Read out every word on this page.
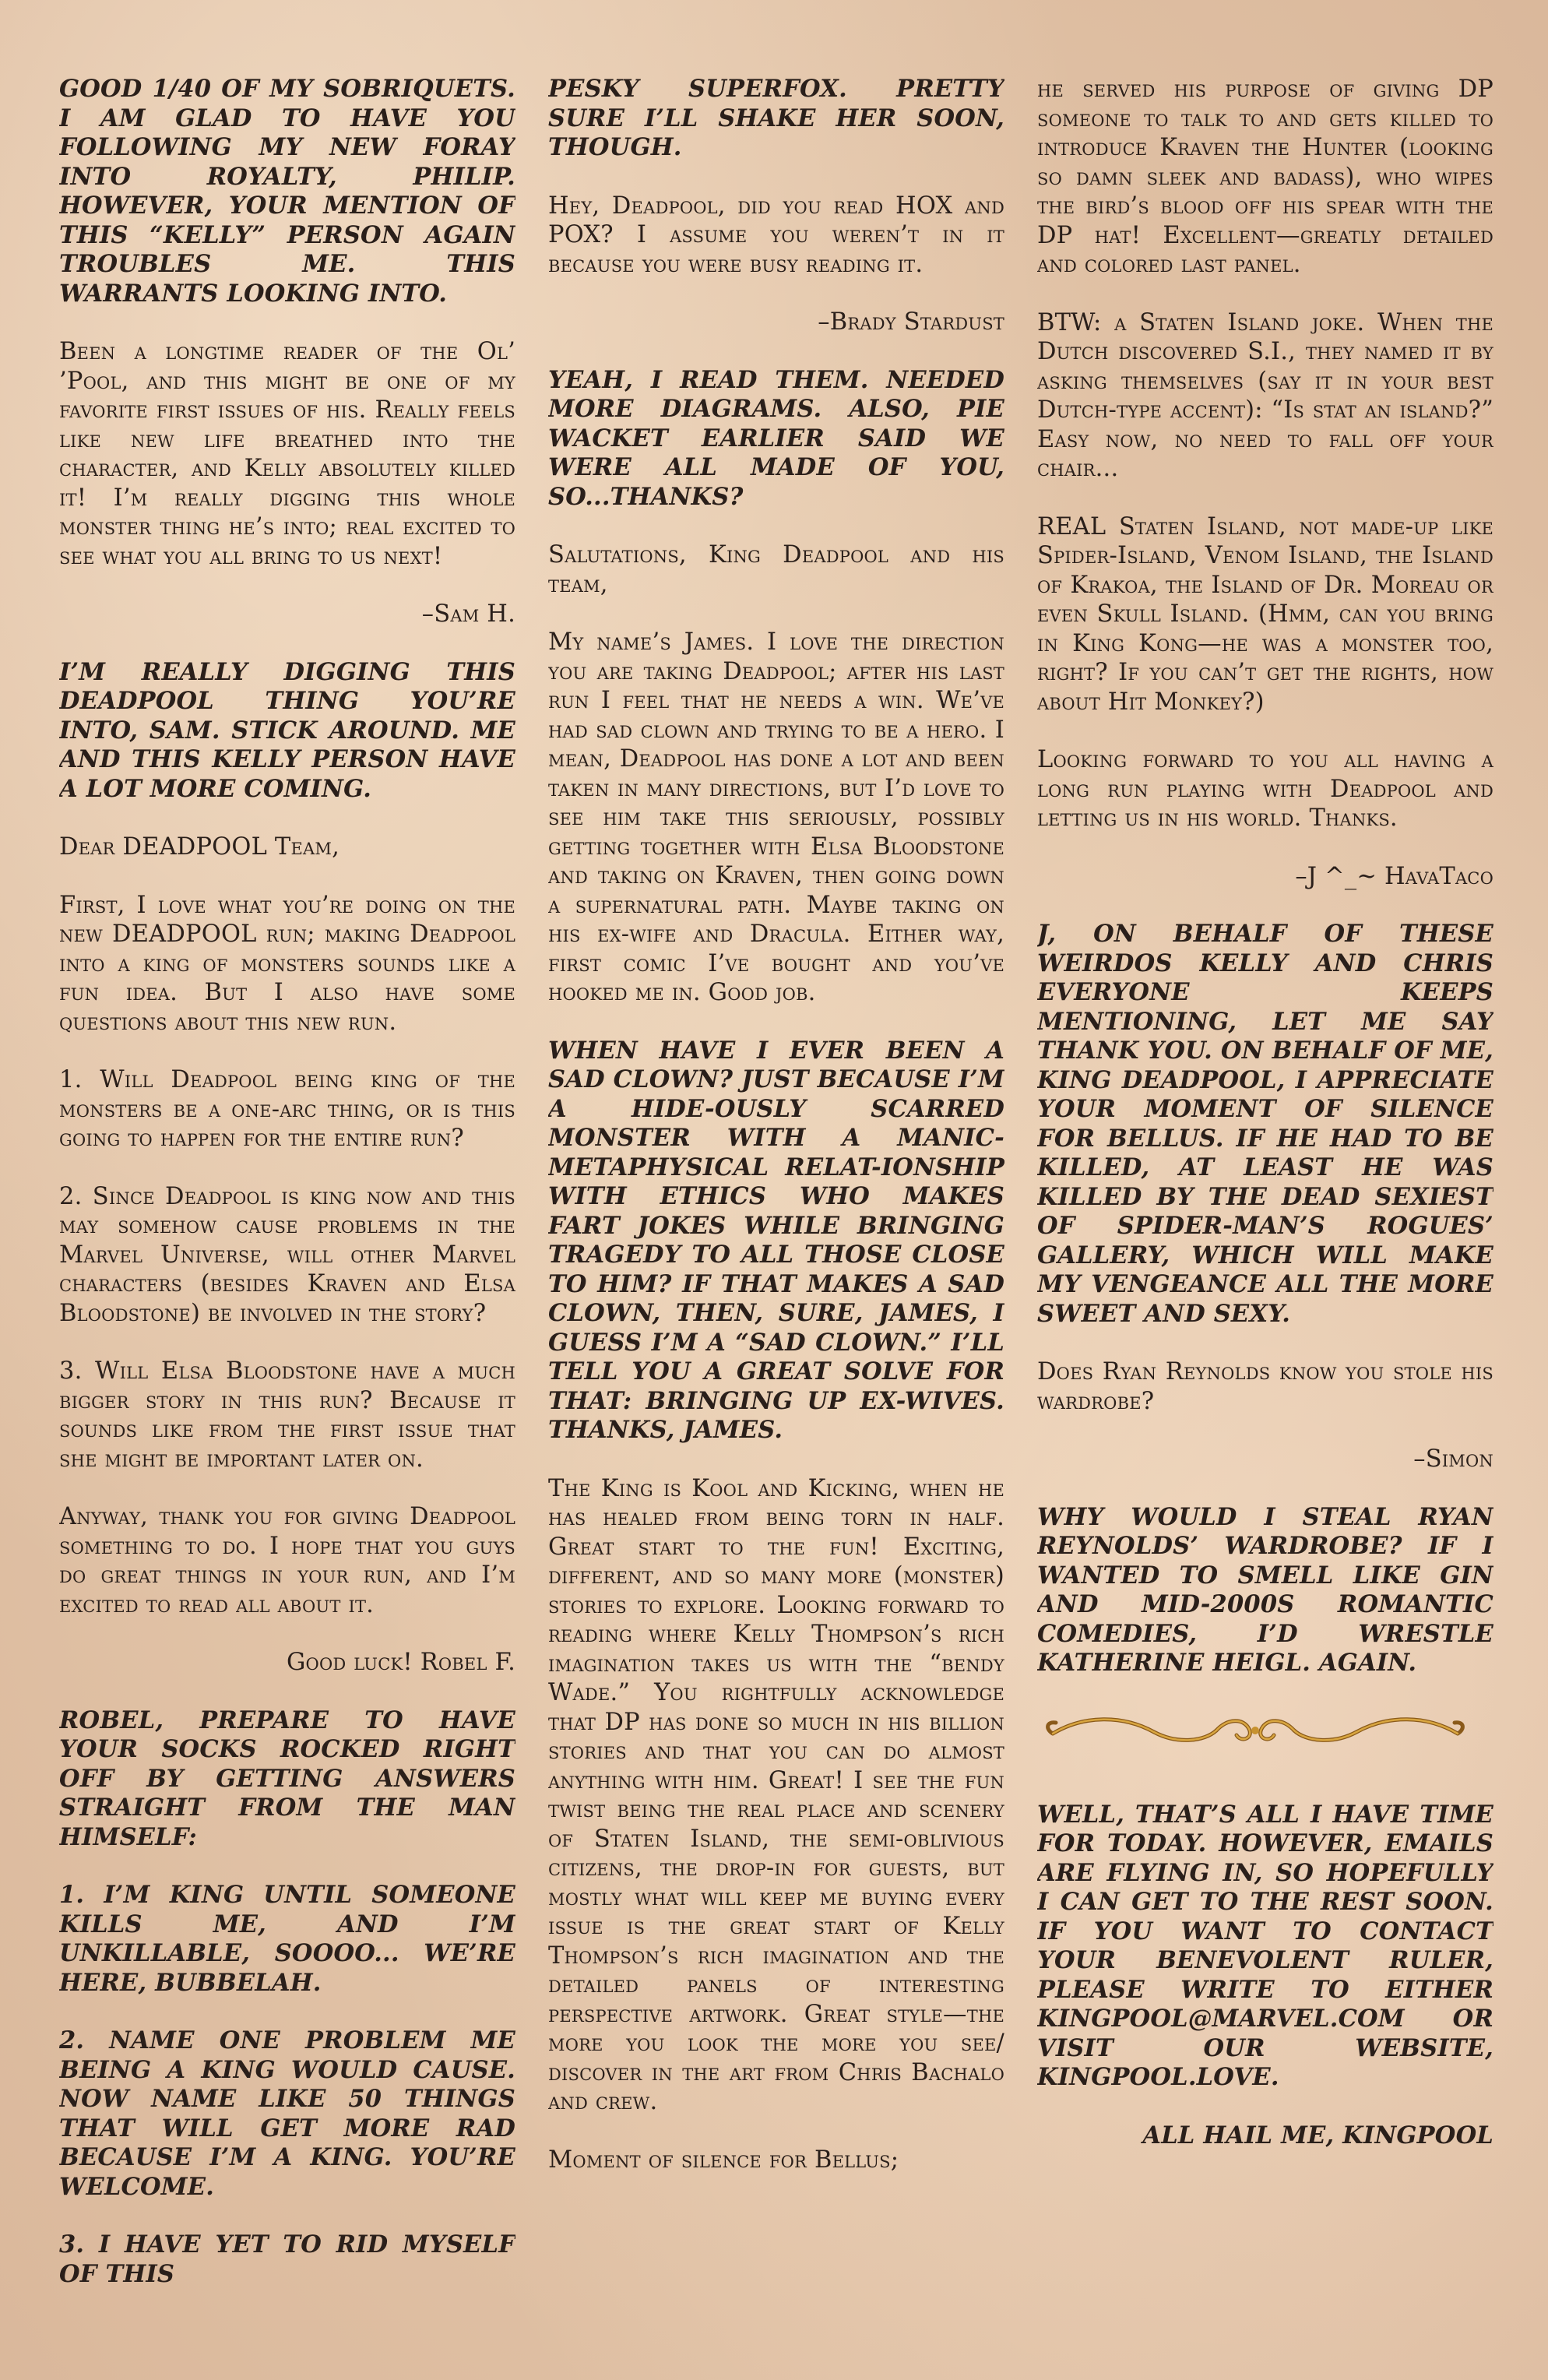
GOOD 1/40 OF MY SOBRIQUETS. I AM GLAD TO HAVE YOU FOLLOWING MY NEW FORAY INTO ROYALTY, PHILIP. HOWEVER, YOUR MENTION OF THIS “KELLY” PERSON AGAIN TROUBLES ME. THIS WARRANTS LOOKING INTO.

Been a longtime reader of the Ol’ ’Pool, and this might be one of my favorite first issues of his. Really feels like new life breathed into the character, and Kelly absolutely killed it! I’m really digging this whole monster thing he’s into; real excited to see what you all bring to us next!

–Sam H.

I’M REALLY DIGGING THIS DEADPOOL THING YOU’RE INTO, SAM. STICK AROUND. ME AND THIS KELLY PERSON HAVE A LOT MORE COMING.

Dear DEADPOOL Team,

First, I love what you’re doing on the new DEADPOOL run; making Deadpool into a king of monsters sounds like a fun idea. But I also have some questions about this new run.

1. Will Deadpool being king of the monsters be a one-arc thing, or is this going to happen for the entire run?

2. Since Deadpool is king now and this may somehow cause problems in the Marvel Universe, will other Marvel characters (besides Kraven and Elsa Bloodstone) be involved in the story?

3. Will Elsa Bloodstone have a much bigger story in this run? Because it sounds like from the first issue that she might be important later on.

Anyway, thank you for giving Deadpool something to do. I hope that you guys do great things in your run, and I’m excited to read all about it.

Good luck! Robel F.

ROBEL, PREPARE TO HAVE YOUR SOCKS ROCKED RIGHT OFF BY GETTING ANSWERS STRAIGHT FROM THE MAN HIMSELF:

1. I’M KING UNTIL SOMEONE KILLS ME, AND I’M UNKILLABLE, SOOOO... WE’RE HERE, BUBBELAH.

2. NAME ONE PROBLEM ME BEING A KING WOULD CAUSE. NOW NAME LIKE 50 THINGS THAT WILL GET MORE RAD BECAUSE I’M A KING. YOU’RE WELCOME.

3. I HAVE YET TO RID MYSELF OF THIS

PESKY SUPERFOX. PRETTY SURE I’LL SHAKE HER SOON, THOUGH.

Hey, Deadpool, did you read HOX and POX? I assume you weren’t in it because you were busy reading it.

–Brady Stardust

YEAH, I READ THEM. NEEDED MORE DIAGRAMS. ALSO, PIE WACKET EARLIER SAID WE WERE ALL MADE OF YOU, SO...THANKS?

Salutations, King Deadpool and his team,

My name’s James. I love the direction you are taking Deadpool; after his last run I feel that he needs a win. We’ve had sad clown and trying to be a hero. I mean, Deadpool has done a lot and been taken in many directions, but I’d love to see him take this seriously, possibly getting together with Elsa Bloodstone and taking on Kraven, then going down a supernatural path. Maybe taking on his ex-wife and Dracula. Either way, first comic I’ve bought and you’ve hooked me in. Good job.

WHEN HAVE I EVER BEEN A SAD CLOWN? JUST BECAUSE I’M A HIDE-OUSLY SCARRED MONSTER WITH A MANIC-METAPHYSICAL RELAT-IONSHIP WITH ETHICS WHO MAKES FART JOKES WHILE BRINGING TRAGEDY TO ALL THOSE CLOSE TO HIM? IF THAT MAKES A SAD CLOWN, THEN, SURE, JAMES, I GUESS I’M A “SAD CLOWN.” I’LL TELL YOU A GREAT SOLVE FOR THAT: BRINGING UP EX-WIVES. THANKS, JAMES.

The King is Kool and Kicking, when he has healed from being torn in half. Great start to the fun! Exciting, different, and so many more (monster) stories to explore. Looking forward to reading where Kelly Thompson’s rich imagination takes us with the “bendy Wade.” You rightfully acknowledge that DP has done so much in his billion stories and that you can do almost anything with him. Great! I see the fun twist being the real place and scenery of Staten Island, the semi-oblivious citizens, the drop-in for guests, but mostly what will keep me buying every issue is the great start of Kelly Thompson’s rich imagination and the detailed panels of interesting perspective artwork. Great style—the more you look the more you see/ discover in the art from Chris Bachalo and crew.

Moment of silence for Bellus;

he served his purpose of giving DP someone to talk to and gets killed to introduce Kraven the Hunter (looking so damn sleek and badass), who wipes the bird’s blood off his spear with the DP hat! Excellent—greatly detailed and colored last panel.

BTW: a Staten Island joke. When the Dutch discovered S.I., they named it by asking themselves (say it in your best Dutch-type accent): “Is stat an island?” Easy now, no need to fall off your chair...

REAL Staten Island, not made-up like Spider-Island, Venom Island, the Island of Krakoa, the Island of Dr. Moreau or even Skull Island. (Hmm, can you bring in King Kong—he was a monster too, right? If you can’t get the rights, how about Hit Monkey?)

Looking forward to you all having a long run playing with Deadpool and letting us in his world. Thanks.

–J ^_~ HavaTaco

J, ON BEHALF OF THESE WEIRDOS KELLY AND CHRIS EVERYONE KEEPS MENTIONING, LET ME SAY THANK YOU. ON BEHALF OF ME, KING DEADPOOL, I APPRECIATE YOUR MOMENT OF SILENCE FOR BELLUS. IF HE HAD TO BE KILLED, AT LEAST HE WAS KILLED BY THE DEAD SEXIEST OF SPIDER-MAN’S ROGUES’ GALLERY, WHICH WILL MAKE MY VENGEANCE ALL THE MORE SWEET AND SEXY.

Does Ryan Reynolds know you stole his wardrobe?

–Simon

WHY WOULD I STEAL RYAN REYNOLDS’ WARDROBE? IF I WANTED TO SMELL LIKE GIN AND MID-2000S ROMANTIC COMEDIES, I’D WRESTLE KATHERINE HEIGL. AGAIN.

WELL, THAT’S ALL I HAVE TIME FOR TODAY. HOWEVER, EMAILS ARE FLYING IN, SO HOPEFULLY I CAN GET TO THE REST SOON. IF YOU WANT TO CONTACT YOUR BENEVOLENT RULER, PLEASE WRITE TO EITHER KINGPOOL@MARVEL.COM OR VISIT OUR WEBSITE, KINGPOOL.LOVE.

ALL HAIL ME, KINGPOOL
